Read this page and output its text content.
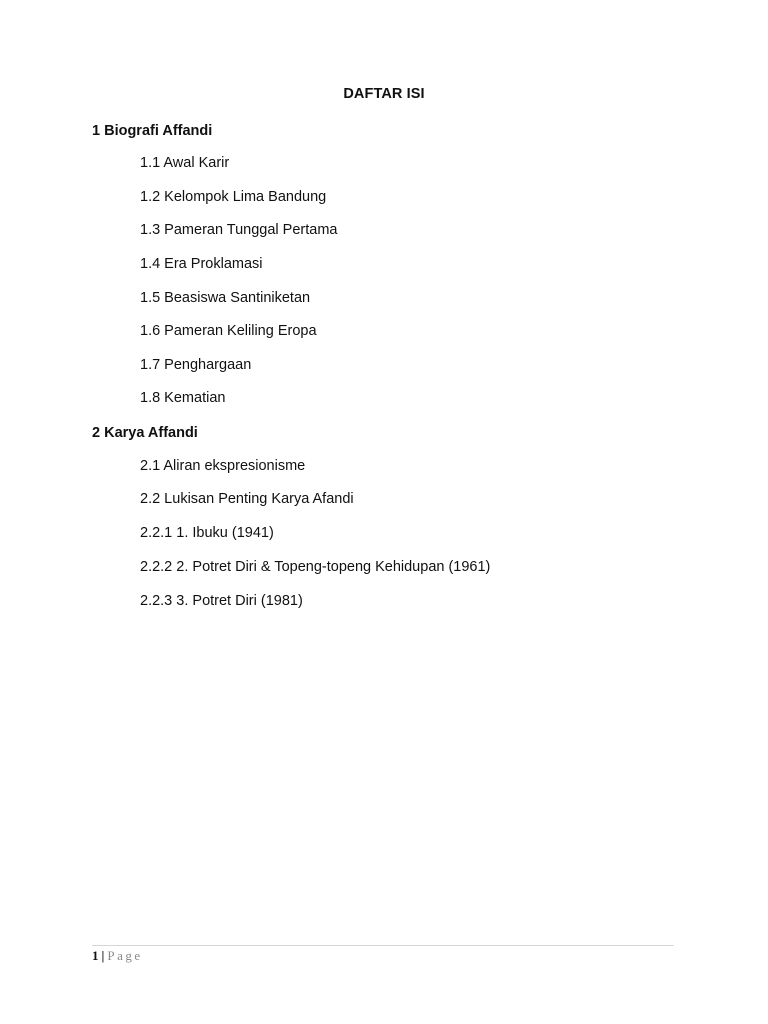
DAFTAR ISI
1 Biografi Affandi
1.1 Awal Karir
1.2 Kelompok Lima Bandung
1.3 Pameran Tunggal Pertama
1.4 Era Proklamasi
1.5 Beasiswa Santiniketan
1.6 Pameran Keliling Eropa
1.7 Penghargaan
1.8 Kematian
2 Karya Affandi
2.1 Aliran ekspresionisme
2.2 Lukisan Penting Karya Afandi
2.2.1 1. Ibuku (1941)
2.2.2 2. Potret Diri & Topeng-topeng Kehidupan (1961)
2.2.3 3. Potret Diri (1981)
1 | Page
